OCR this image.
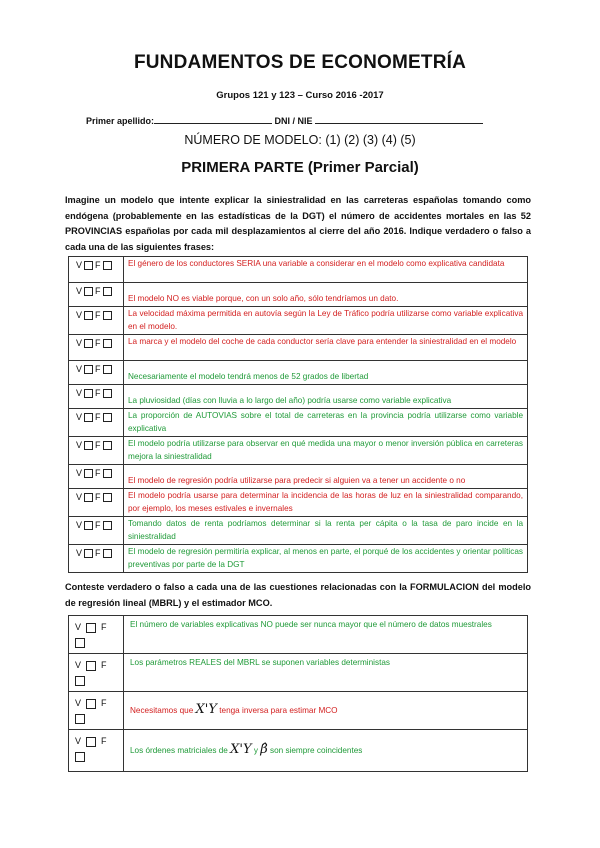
FUNDAMENTOS DE ECONOMETRÍA
Grupos 121 y 123 – Curso 2016 -2017
Primer apellido:	DNI / NIE
NÚMERO DE MODELO: (1) (2) (3) (4) (5)
PRIMERA PARTE (Primer Parcial)
Imagine un modelo que intente explicar la siniestralidad en las carreteras españolas tomando como endógena (probablemente en las estadísticas de la DGT) el número de accidentes mortales en las 52 PROVINCIAS españolas por cada mil desplazamientos al cierre del año 2016. Indique verdadero o falso a cada una de las siguientes frases:
V F	El género de los conductores SERIA una variable a considerar en el modelo como explicativa candidata
V F	El modelo NO es viable porque, con un solo año, sólo tendríamos un dato.
V F	La velocidad máxima permitida en autovía según la Ley de Tráfico podría utilizarse como variable explicativa en el modelo.
V F	La marca y el modelo del coche de cada conductor sería clave para entender la siniestralidad en el modelo
V F	Necesariamente el modelo tendrá menos de 52 grados de libertad
V F	La pluviosidad (días con lluvia a lo largo del año) podría usarse como variable explicativa
V F	La proporción de AUTOVIAS sobre el total de carreteras en la provincia podría utilizarse como variable explicativa
V F	El modelo podría utilizarse para observar en qué medida una mayor o menor inversión pública en carreteras mejora la siniestralidad
V F	El modelo de regresión podría utilizarse para predecir si alguien va a tener un accidente o no
V F	El modelo podría usarse para determinar la incidencia de las horas de luz en la siniestralidad comparando, por ejemplo, los meses estivales e invernales
V F	Tomando datos de renta podríamos determinar si la renta per cápita o la tasa de paro incide en la siniestralidad
V F	El modelo de regresión permitiría explicar, al menos en parte, el porqué de los accidentes y orientar políticas preventivas por parte de la DGT
Conteste verdadero o falso a cada una de las cuestiones relacionadas con la FORMULACION del modelo de regresión lineal (MBRL) y el estimador MCO.
V F	El número de variables explicativas NO puede ser nunca mayor que el número de datos muestrales

V F	Los parámetros REALES del MBRL se suponen variables deterministas

V F	Necesitamos que X'Y tenga inversa para estimar MCO

V F	Los órdenes matriciales de X'Y y β̂ son siempre coincidentes
